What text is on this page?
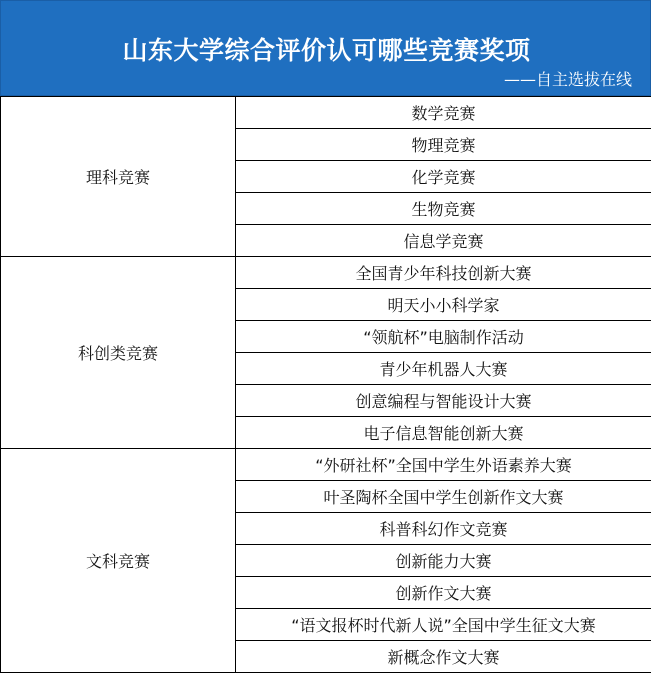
山东大学综合评价认可哪些竞赛奖项
——自主选拔在线
理科竞赛	数学竞赛
	物理竞赛
	化学竞赛
	生物竞赛
	信息学竞赛
科创类竞赛	全国青少年科技创新大赛
	明天小小科学家
	“领航杯”电脑制作活动
	青少年机器人大赛
	创意编程与智能设计大赛
	电子信息智能创新大赛
文科竞赛	“外研社杯”全国中学生外语素养大赛
	叶圣陶杯全国中学生创新作文大赛
	科普科幻作文竞赛
	创新能力大赛
	创新作文大赛
	“语文报杯时代新人说”全国中学生征文大赛
	新概念作文大赛
